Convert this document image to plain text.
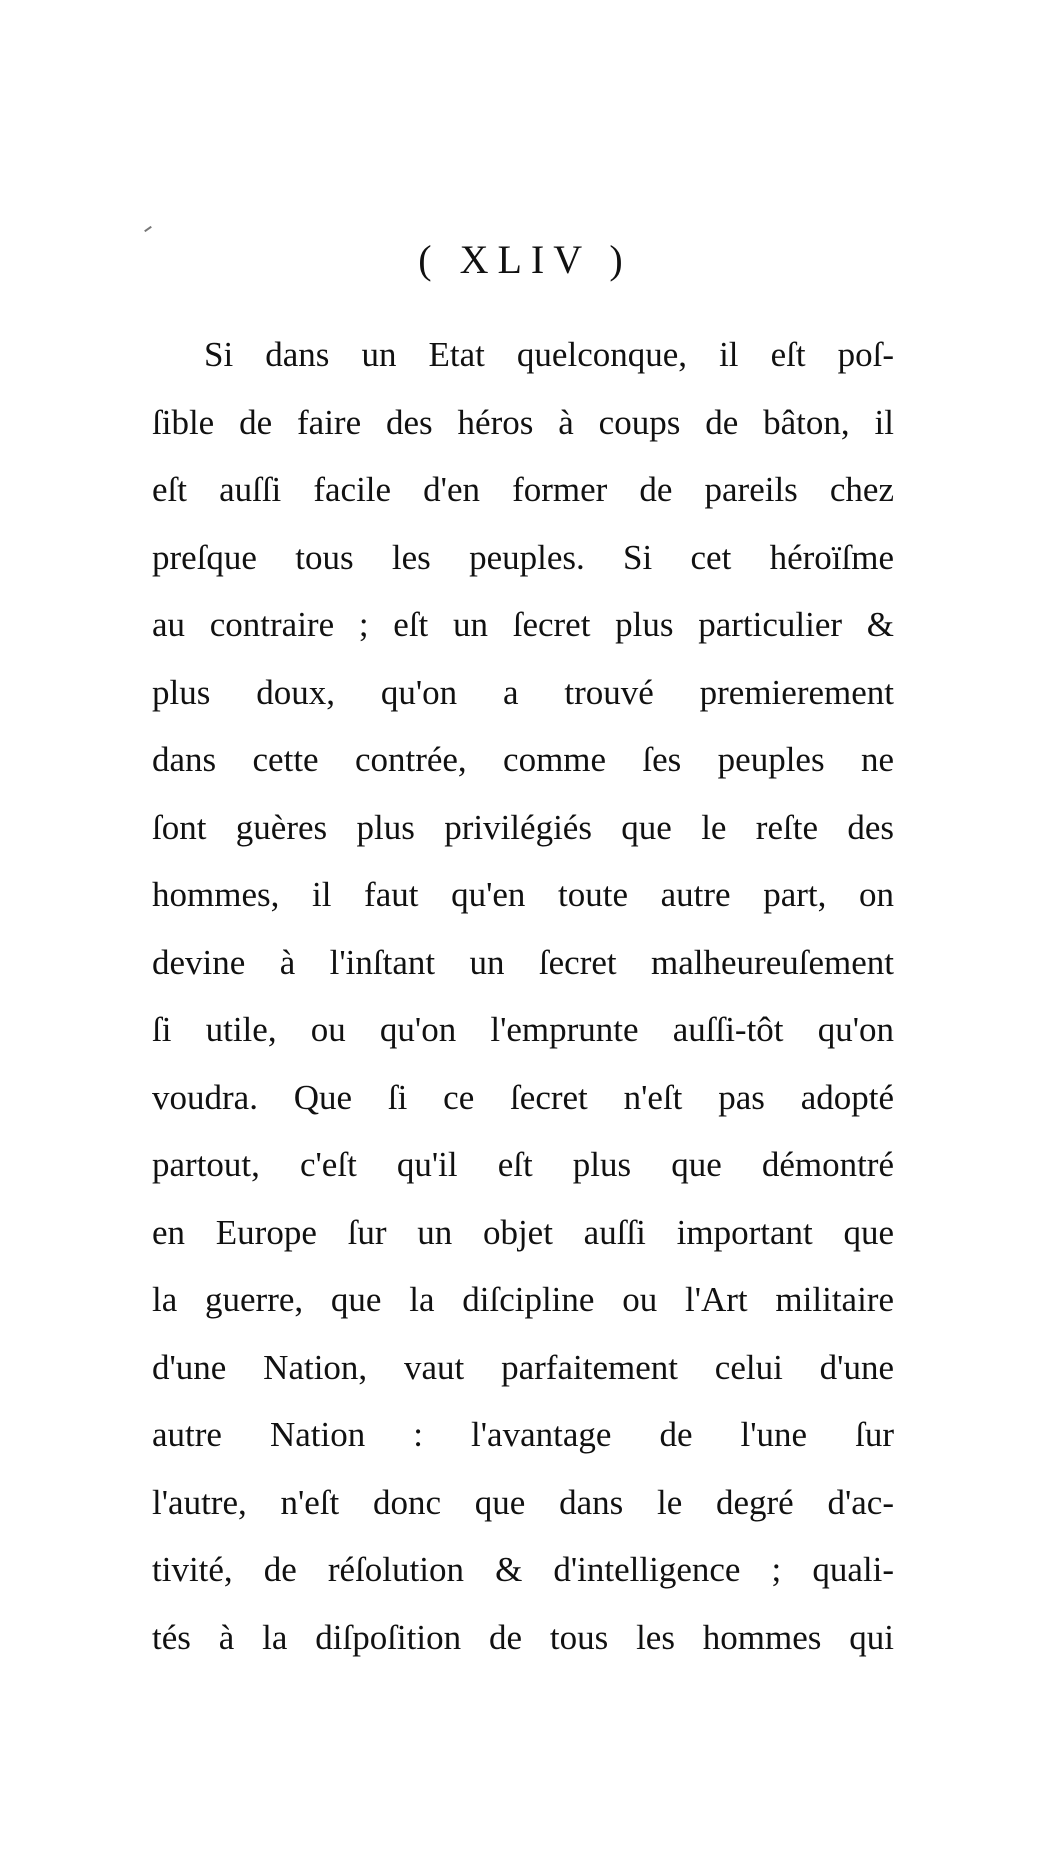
( XLIV )
Si dans un Etat quelconque, il eſt poſ-
ſible de faire des héros à coups de bâton, il
eſt auſſi facile d'en former de pareils chez
preſque tous les peuples. Si cet héroïſme
au contraire ; eſt un ſecret plus particulier &
plus doux, qu'on a trouvé premierement
dans cette contrée, comme ſes peuples ne
ſont guères plus privilégiés que le reſte des
hommes, il faut qu'en toute autre part, on
devine à l'inſtant un ſecret malheureuſement
ſi utile, ou qu'on l'emprunte auſſi-tôt qu'on
voudra. Que ſi ce ſecret n'eſt pas adopté
partout, c'eſt qu'il eſt plus que démontré
en Europe ſur un objet auſſi important que
la guerre, que la diſcipline ou l'Art militaire
d'une Nation, vaut parfaitement celui d'une
autre Nation : l'avantage de l'une ſur
l'autre, n'eſt donc que dans le degré d'ac-
tivité, de réſolution & d'intelligence ; quali-
tés à la diſpoſition de tous les hommes qui
